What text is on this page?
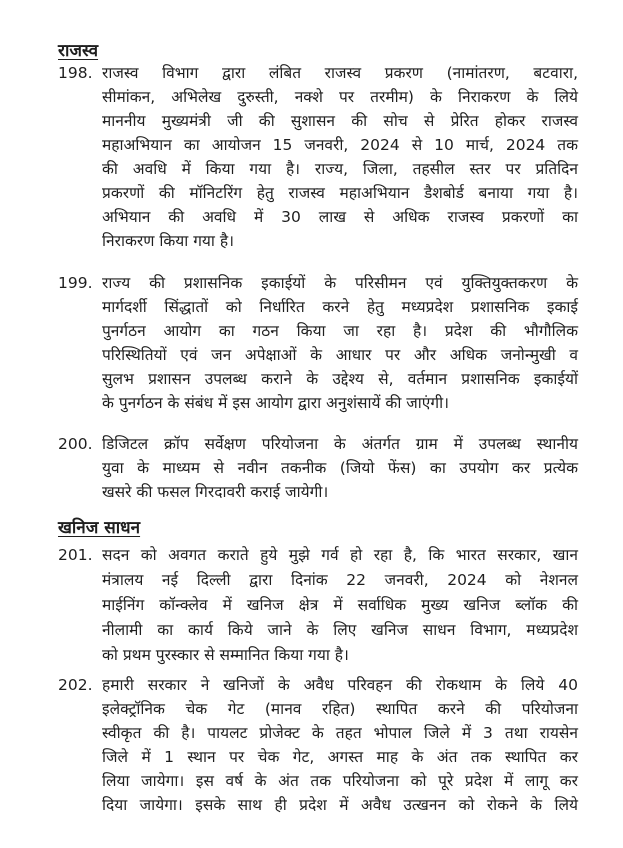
राजस्व
198. राजस्व विभाग द्वारा लंबित राजस्व प्रकरण (नामांतरण, बटवारा,
सीमांकन, अभिलेख दुरुस्ती, नक्शे पर तरमीम) के निराकरण के लिये
माननीय मुख्यमंत्री जी की सुशासन की सोच से प्रेरित होकर राजस्व
महाअभियान का आयोजन 15 जनवरी, 2024 से 10 मार्च, 2024 तक
की अवधि में किया गया है। राज्य, जिला, तहसील स्तर पर प्रतिदिन
प्रकरणों की मॉनिटरिंग हेतु राजस्व महाअभियान डैशबोर्ड बनाया गया है।
अभियान की अवधि में 30 लाख से अधिक राजस्व प्रकरणों का
निराकरण किया गया है।
199. राज्य की प्रशासनिक इकाईयों के परिसीमन एवं युक्तियुक्तकरण के
मार्गदर्शी सिंद्धातों को निर्धारित करने हेतु मध्यप्रदेश प्रशासनिक इकाई
पुनर्गठन आयोग का गठन किया जा रहा है। प्रदेश की भौगौलिक
परिस्थितियों एवं जन अपेक्षाओं के आधार पर और अधिक जनोन्मुखी व
सुलभ प्रशासन उपलब्ध कराने के उद्देश्य से, वर्तमान प्रशासनिक इकाईयों
के पुनर्गठन के संबंध में इस आयोग द्वारा अनुशंसायें की जाएंगी।
200. डिजिटल क्रॉप सर्वेक्षण परियोजना के अंतर्गत ग्राम में उपलब्ध स्थानीय
युवा के माध्यम से नवीन तकनीक (जियो फेंस) का उपयोग कर प्रत्येक
खसरे की फसल गिरदावरी कराई जायेगी।
खनिज साधन
201. सदन को अवगत कराते हुये मुझे गर्व हो रहा है, कि भारत सरकार, खान
मंत्रालय नई दिल्ली द्वारा दिनांक 22 जनवरी, 2024 को नेशनल
माईनिंग कॉन्क्लेव में खनिज क्षेत्र में सर्वाधिक मुख्य खनिज ब्लॉक की
नीलामी का कार्य किये जाने के लिए खनिज साधन विभाग, मध्यप्रदेश
को प्रथम पुरस्कार से सम्मानित किया गया है।
202. हमारी सरकार ने खनिजों के अवैध परिवहन की रोकथाम के लिये 40
इलेक्ट्रॉनिक चेक गेट (मानव रहित) स्थापित करने की परियोजना
स्वीकृत की है। पायलट प्रोजेक्ट के तहत भोपाल जिले में 3 तथा रायसेन
जिले में 1 स्थान पर चेक गेट, अगस्त माह के अंत तक स्थापित कर
लिया जायेगा। इस वर्ष के अंत तक परियोजना को पूरे प्रदेश में लागू कर
दिया जायेगा। इसके साथ ही प्रदेश में अवैध उत्खनन को रोकने के लिये
